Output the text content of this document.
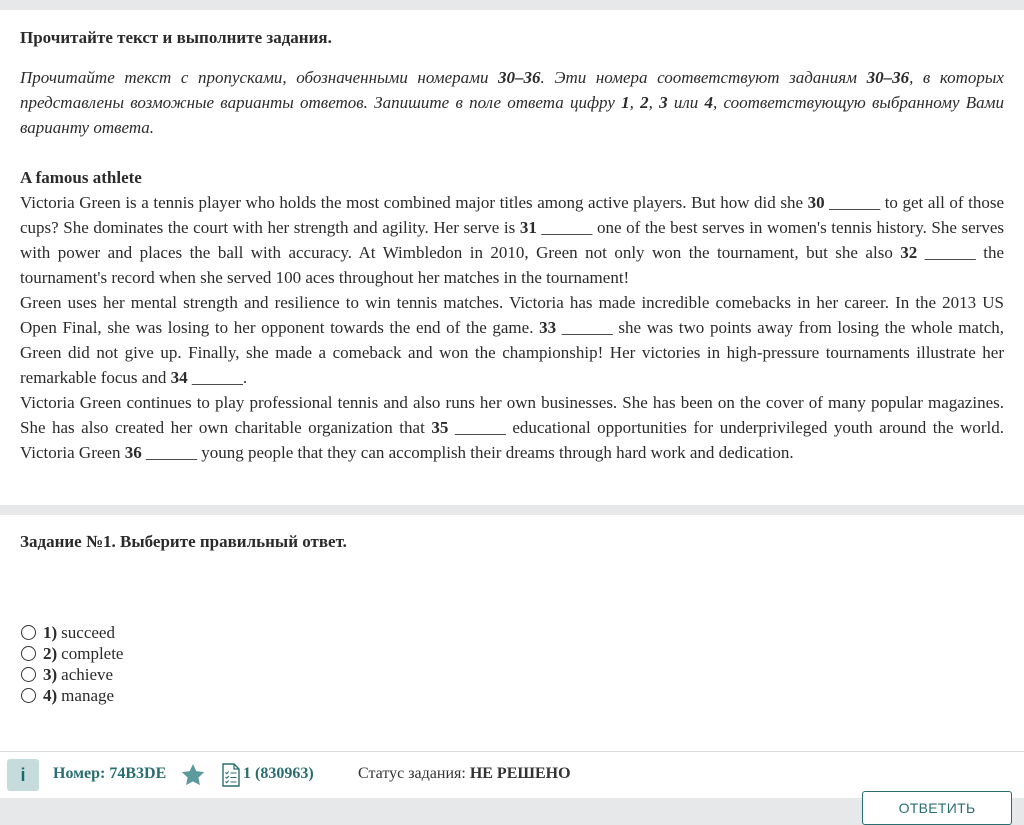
Прочитайте текст и выполните задания.
Прочитайте текст с пропусками, обозначенными номерами 30–36. Эти номера соответствуют заданиям 30–36, в которых представлены возможные варианты ответов. Запишите в поле ответа цифру 1, 2, 3 или 4, соответствующую выбранному Вами варианту ответа.

A famous athlete

Victoria Green is a tennis player who holds the most combined major titles among active players. But how did she 30 ______ to get all of those cups? She dominates the court with her strength and agility. Her serve is 31 ______ one of the best serves in women's tennis history. She serves with power and places the ball with accuracy. At Wimbledon in 2010, Green not only won the tournament, but she also 32 ______ the tournament's record when she served 100 aces throughout her matches in the tournament!

Green uses her mental strength and resilience to win tennis matches. Victoria has made incredible comebacks in her career. In the 2013 US Open Final, she was losing to her opponent towards the end of the game. 33 ______ she was two points away from losing the whole match, Green did not give up. Finally, she made a comeback and won the championship! Her victories in high-pressure tournaments illustrate her remarkable focus and 34 ______.

Victoria Green continues to play professional tennis and also runs her own businesses. She has been on the cover of many popular magazines. She has also created her own charitable organization that 35 ______ educational opportunities for underprivileged youth around the world. Victoria Green 36 ______ young people that they can accomplish their dreams through hard work and dedication.

Задание №1. Выберите правильный ответ.
1) succeed
2) complete
3) achieve
4) manage
i	Номер: 74B3DE	1 (830963)	Статус задания: НЕ РЕШЕНО
ОТВЕТИТЬ
